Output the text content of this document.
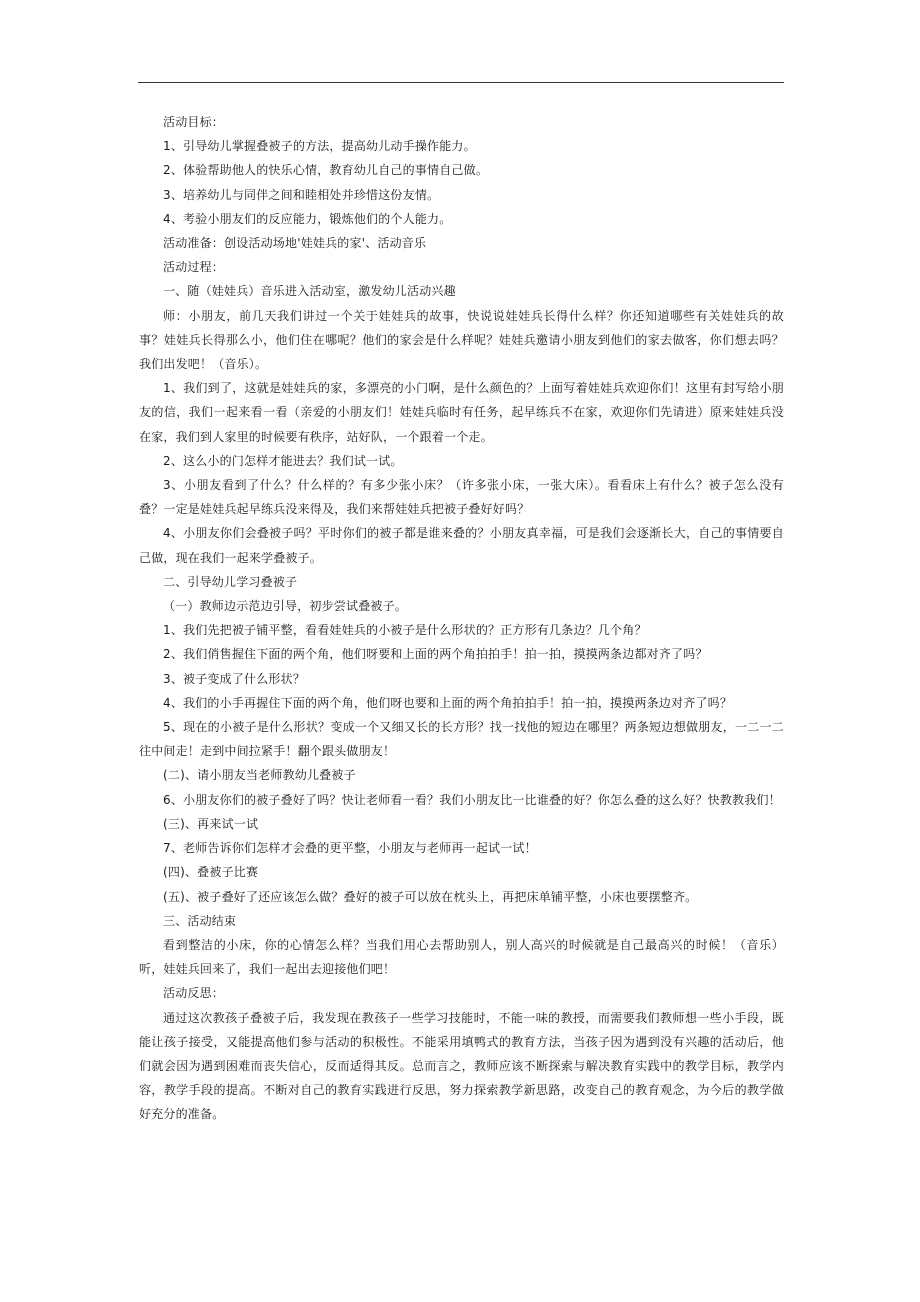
活动目标：

1、引导幼儿掌握叠被子的方法，提高幼儿动手操作能力。

2、体验帮助他人的快乐心情，教育幼儿自己的事情自己做。

3、培养幼儿与同伴之间和睦相处并珍惜这份友情。

4、考验小朋友们的反应能力，锻炼他们的个人能力。

活动准备：创设活动场地'娃娃兵的家'、活动音乐

活动过程：

一、随（娃娃兵）音乐进入活动室，激发幼儿活动兴趣

师：小朋友，前几天我们讲过一个关于娃娃兵的故事，快说说娃娃兵长得什么样？你还知道哪些有关娃娃兵的故事？娃娃兵长得那么小，他们住在哪呢？他们的家会是什么样呢？娃娃兵邀请小朋友到他们的家去做客，你们想去吗？我们出发吧！（音乐）。

1、我们到了，这就是娃娃兵的家，多漂亮的小门啊，是什么颜色的？上面写着娃娃兵欢迎你们！这里有封写给小朋友的信，我们一起来看一看（亲爱的小朋友们！娃娃兵临时有任务，起早练兵不在家，欢迎你们先请进）原来娃娃兵没在家，我们到人家里的时候要有秩序，站好队，一个跟着一个走。

2、这么小的门怎样才能进去？我们试一试。

3、小朋友看到了什么？什么样的？有多少张小床？（许多张小床，一张大床）。看看床上有什么？被子怎么没有叠？一定是娃娃兵起早练兵没来得及，我们来帮娃娃兵把被子叠好好吗？

4、小朋友你们会叠被子吗？平时你们的被子都是谁来叠的？小朋友真幸福，可是我们会逐渐长大，自己的事情要自己做，现在我们一起来学叠被子。

二、引导幼儿学习叠被子

（一）教师边示范边引导，初步尝试叠被子。

1、我们先把被子铺平整，看看娃娃兵的小被子是什么形状的？正方形有几条边？几个角？

2、我们俏售握住下面的两个角，他们呀要和上面的两个角拍拍手！拍一拍，摸摸两条边都对齐了吗？

3、被子变成了什么形状？

4、我们的小手再握住下面的两个角，他们呀也要和上面的两个角拍拍手！拍一拍，摸摸两条边对齐了吗？

5、现在的小被子是什么形状？变成一个又细又长的长方形？找一找他的短边在哪里？两条短边想做朋友，一二一二往中间走！走到中间拉紧手！翻个跟头做朋友！

(二)、请小朋友当老师教幼儿叠被子

6、小朋友你们的被子叠好了吗？快让老师看一看？我们小朋友比一比谁叠的好？你怎么叠的这么好？快教教我们！

(三)、再来试一试

7、老师告诉你们怎样才会叠的更平整，小朋友与老师再一起试一试！

(四)、叠被子比赛

(五)、被子叠好了还应该怎么做？叠好的被子可以放在枕头上，再把床单铺平整，小床也要摆整齐。

三、活动结束

看到整洁的小床，你的心情怎么样？当我们用心去帮助别人，别人高兴的时候就是自己最高兴的时候！（音乐）听，娃娃兵回来了，我们一起出去迎接他们吧！

活动反思：

通过这次教孩子叠被子后，我发现在教孩子一些学习技能时，不能一味的教授，而需要我们教师想一些小手段，既能让孩子接受，又能提高他们参与活动的积极性。不能采用填鸭式的教育方法，当孩子因为遇到没有兴趣的活动后，他们就会因为遇到困难而丧失信心，反而适得其反。总而言之，教师应该不断探索与解决教育实践中的教学目标，教学内容，教学手段的提高。不断对自己的教育实践进行反思，努力探索教学新思路，改变自己的教育观念，为今后的教学做好充分的准备。
